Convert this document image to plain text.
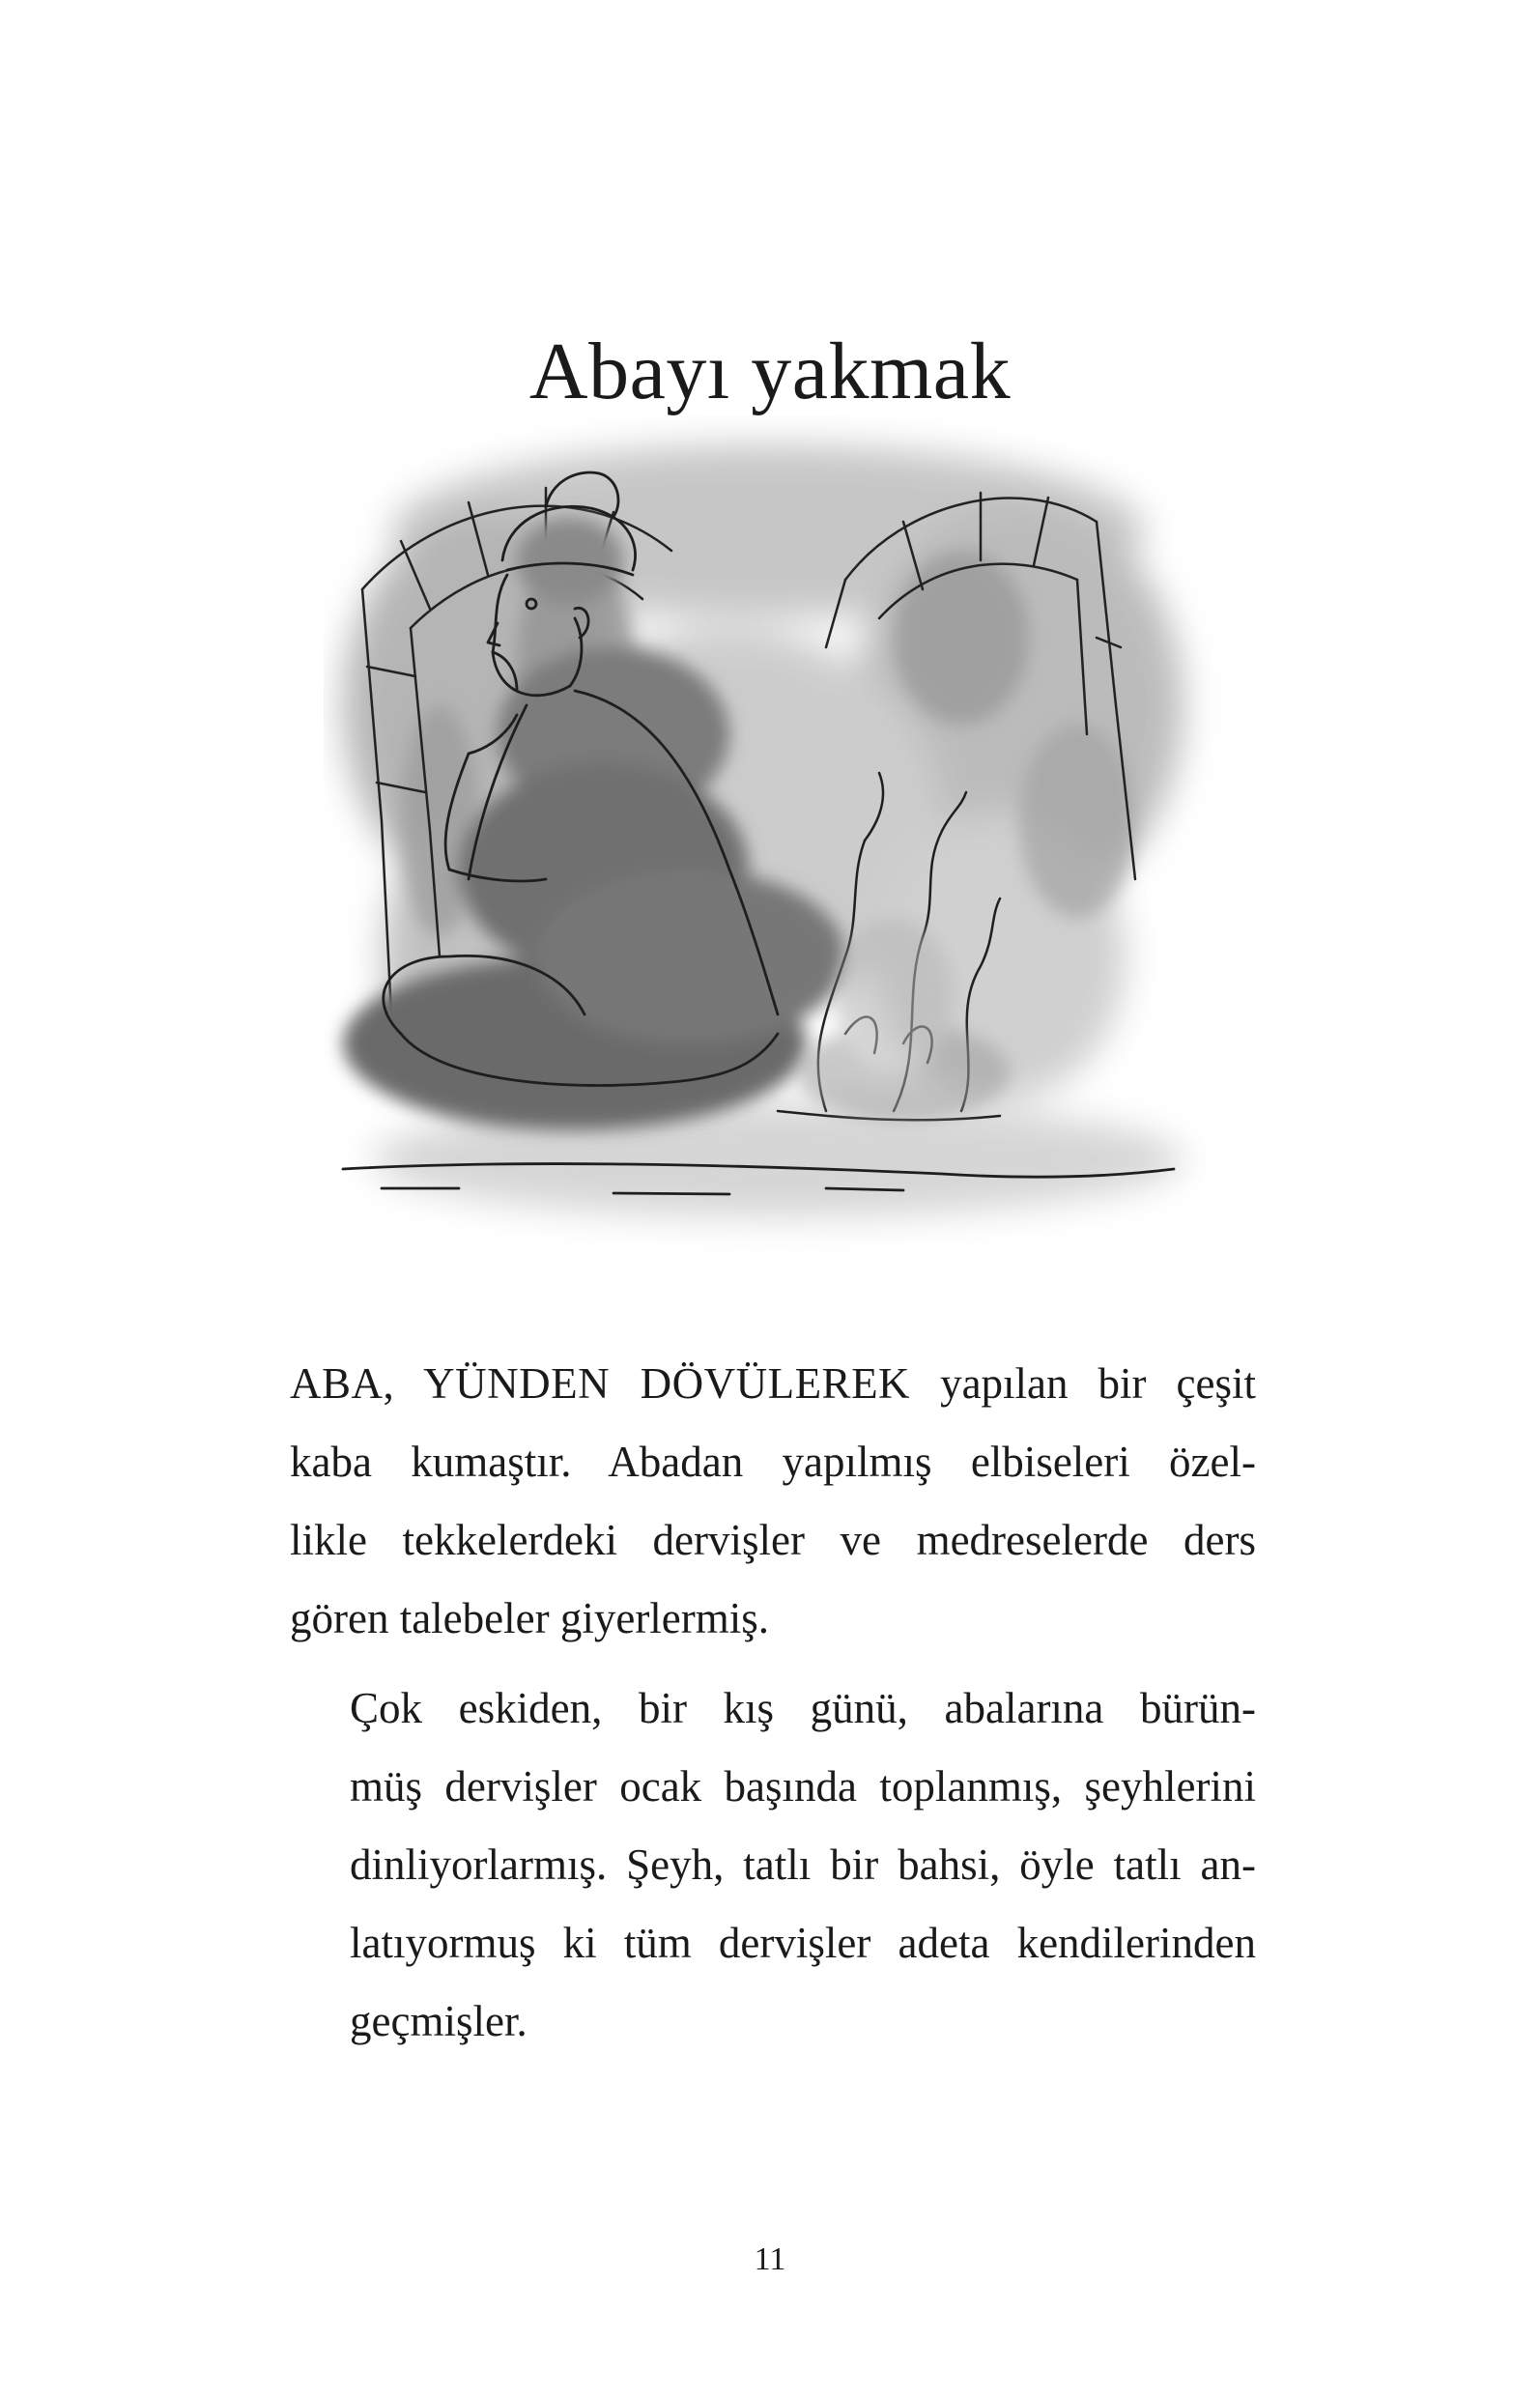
Abayı yakmak

ABA, YÜNDEN DÖVÜLEREK yapılan bir çeşit
kaba kumaştır. Abadan yapılmış elbiseleri özel-
likle tekkelerdeki dervişler ve medreselerde ders
gören talebeler giyerlermiş.

Çok eskiden, bir kış günü, abalarına bürün-
müş dervişler ocak başında toplanmış, şeyhlerini
dinliyorlarmış. Şeyh, tatlı bir bahsi, öyle tatlı an-
latıyormuş ki tüm dervişler adeta kendilerinden
geçmişler.

11
